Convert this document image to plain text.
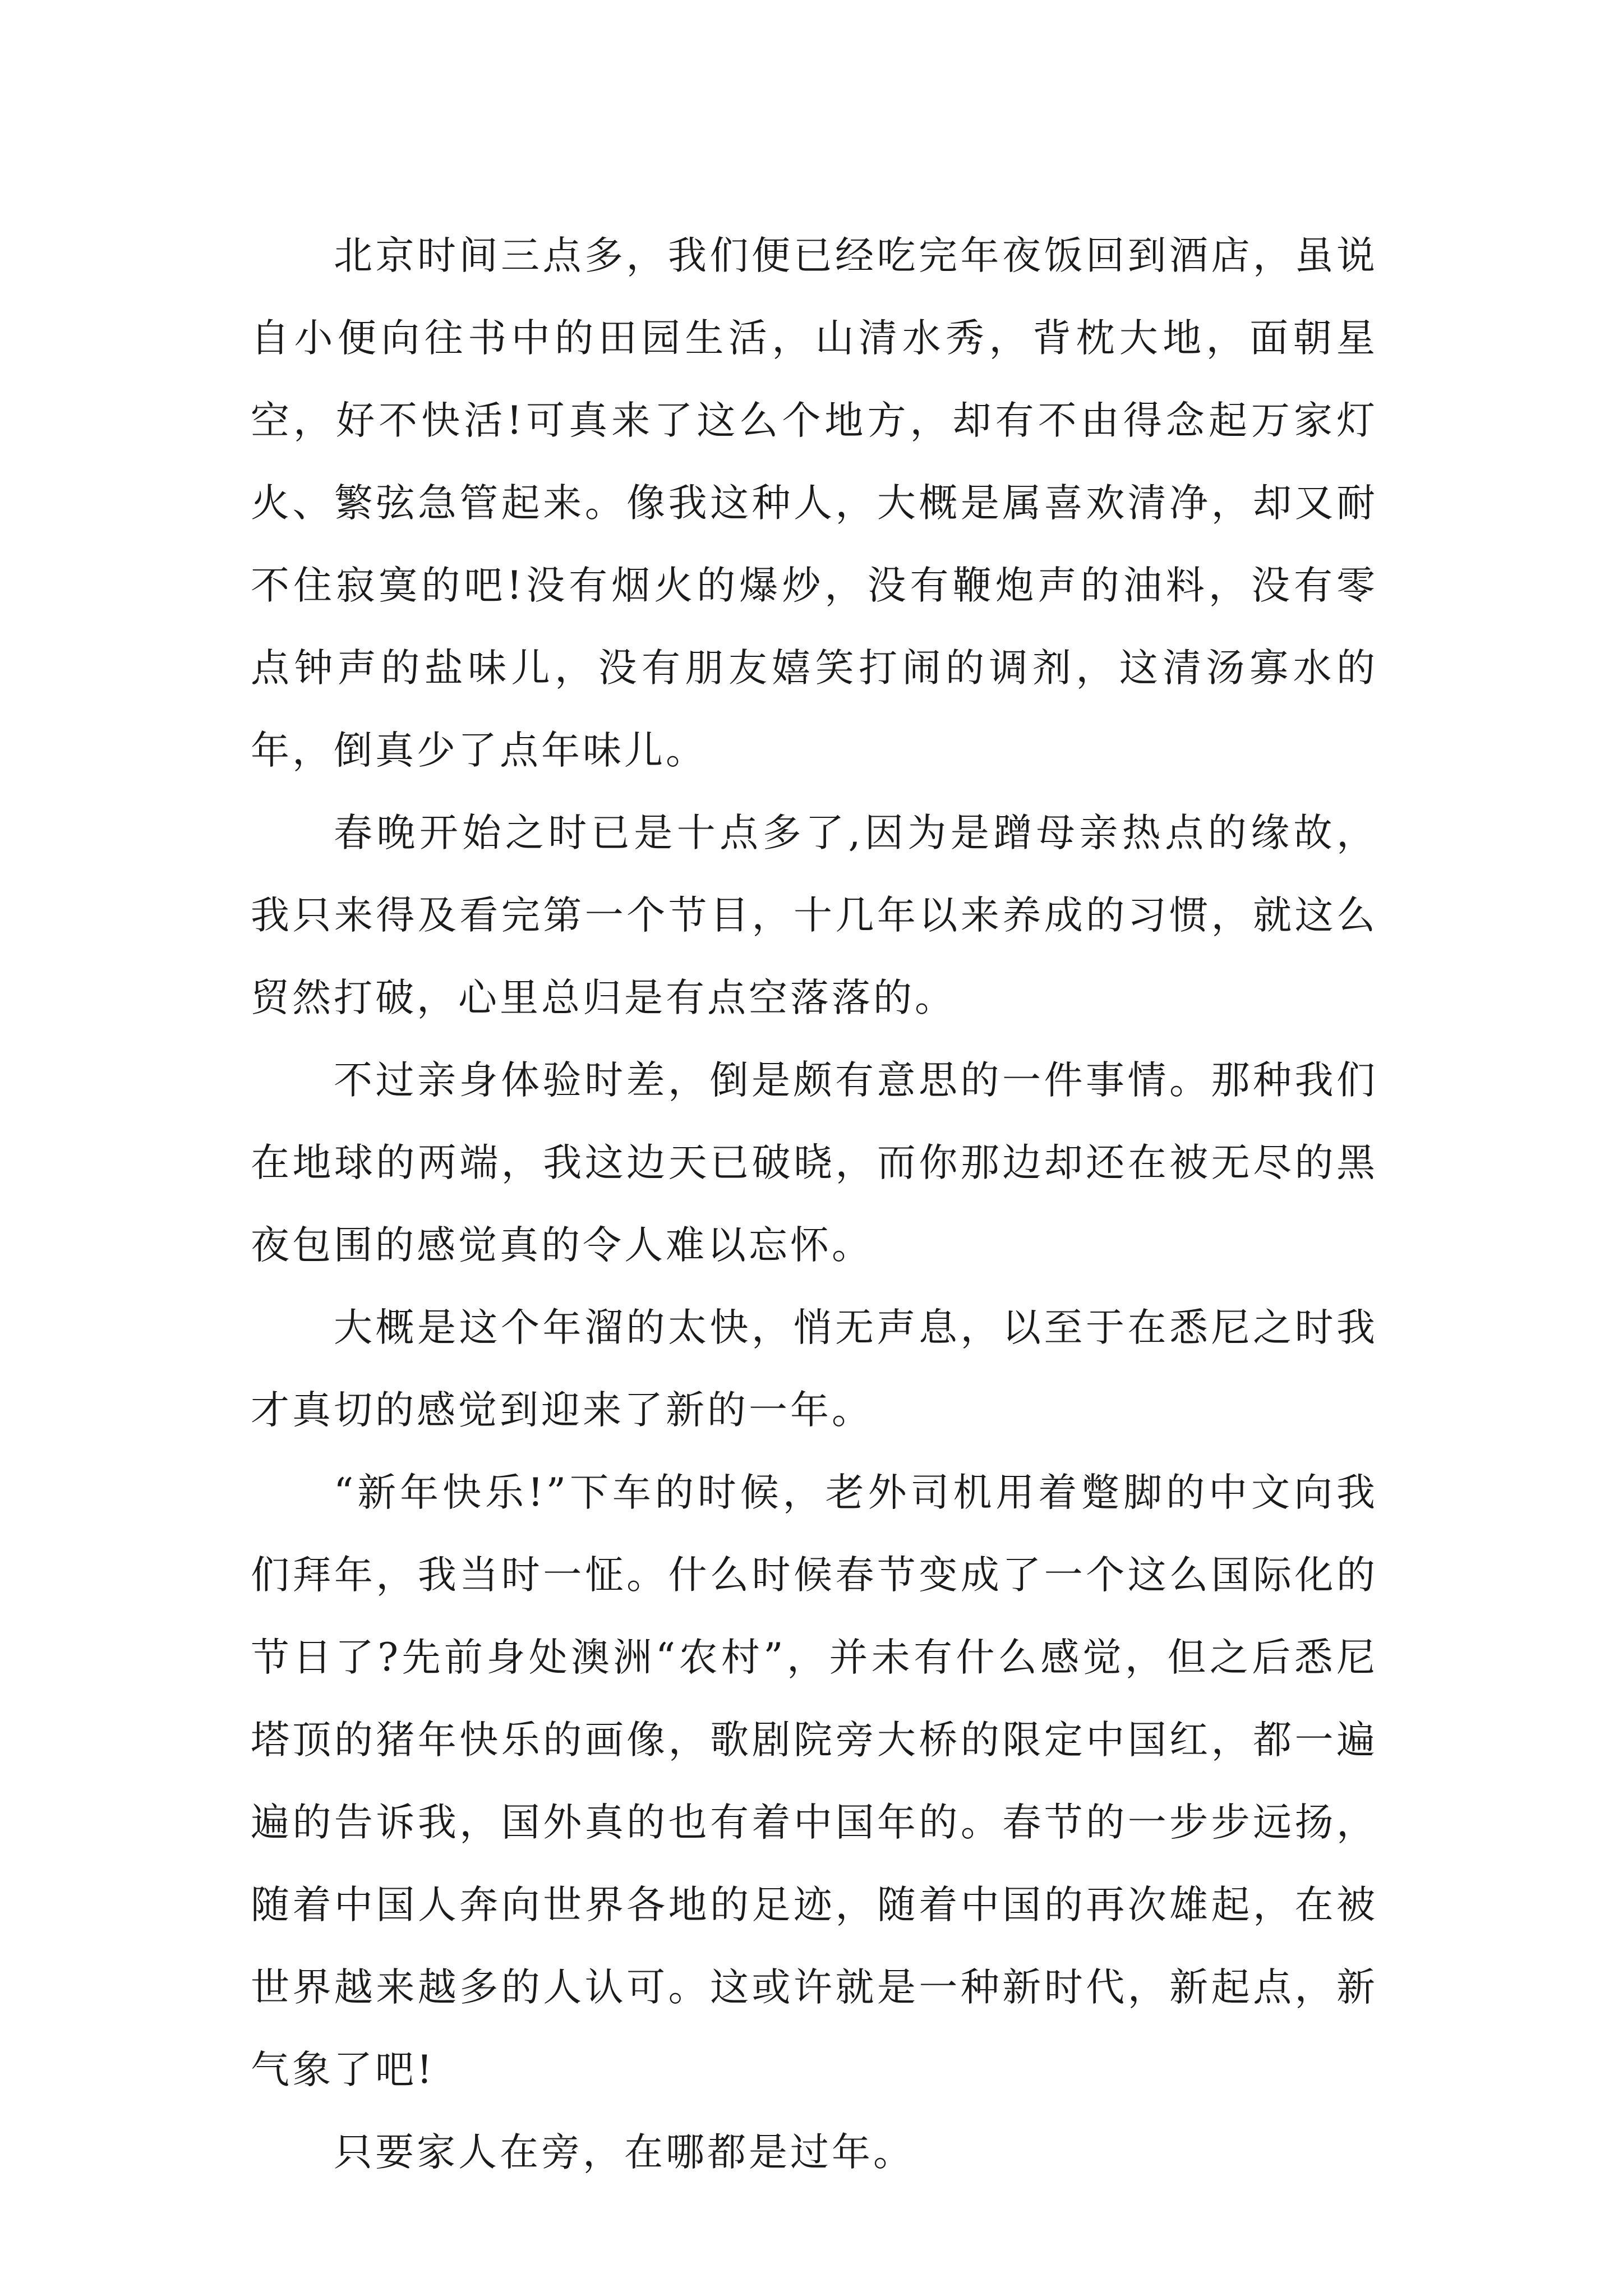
北京时间三点多，我们便已经吃完年夜饭回到酒店，虽说自小便向往书中的田园生活，山清水秀，背枕大地，面朝星空，好不快活!可真来了这么个地方，却有不由得念起万家灯火、繁弦急管起来。像我这种人，大概是属喜欢清净，却又耐不住寂寞的吧!没有烟火的爆炒，没有鞭炮声的油料，没有零点钟声的盐味儿，没有朋友嬉笑打闹的调剂，这清汤寡水的年，倒真少了点年味儿。

春晚开始之时已是十点多了,因为是蹭母亲热点的缘故，我只来得及看完第一个节目，十几年以来养成的习惯，就这么贸然打破，心里总归是有点空落落的。

不过亲身体验时差，倒是颇有意思的一件事情。那种我们在地球的两端，我这边天已破晓，而你那边却还在被无尽的黑夜包围的感觉真的令人难以忘怀。

大概是这个年溜的太快，悄无声息，以至于在悉尼之时我才真切的感觉到迎来了新的一年。

“新年快乐!”下车的时候，老外司机用着蹩脚的中文向我们拜年，我当时一怔。什么时候春节变成了一个这么国际化的节日了?先前身处澳洲“农村”，并未有什么感觉，但之后悉尼塔顶的猪年快乐的画像，歌剧院旁大桥的限定中国红，都一遍遍的告诉我，国外真的也有着中国年的。春节的一步步远扬，随着中国人奔向世界各地的足迹，随着中国的再次雄起，在被世界越来越多的人认可。这或许就是一种新时代，新起点，新气象了吧!

只要家人在旁，在哪都是过年。
